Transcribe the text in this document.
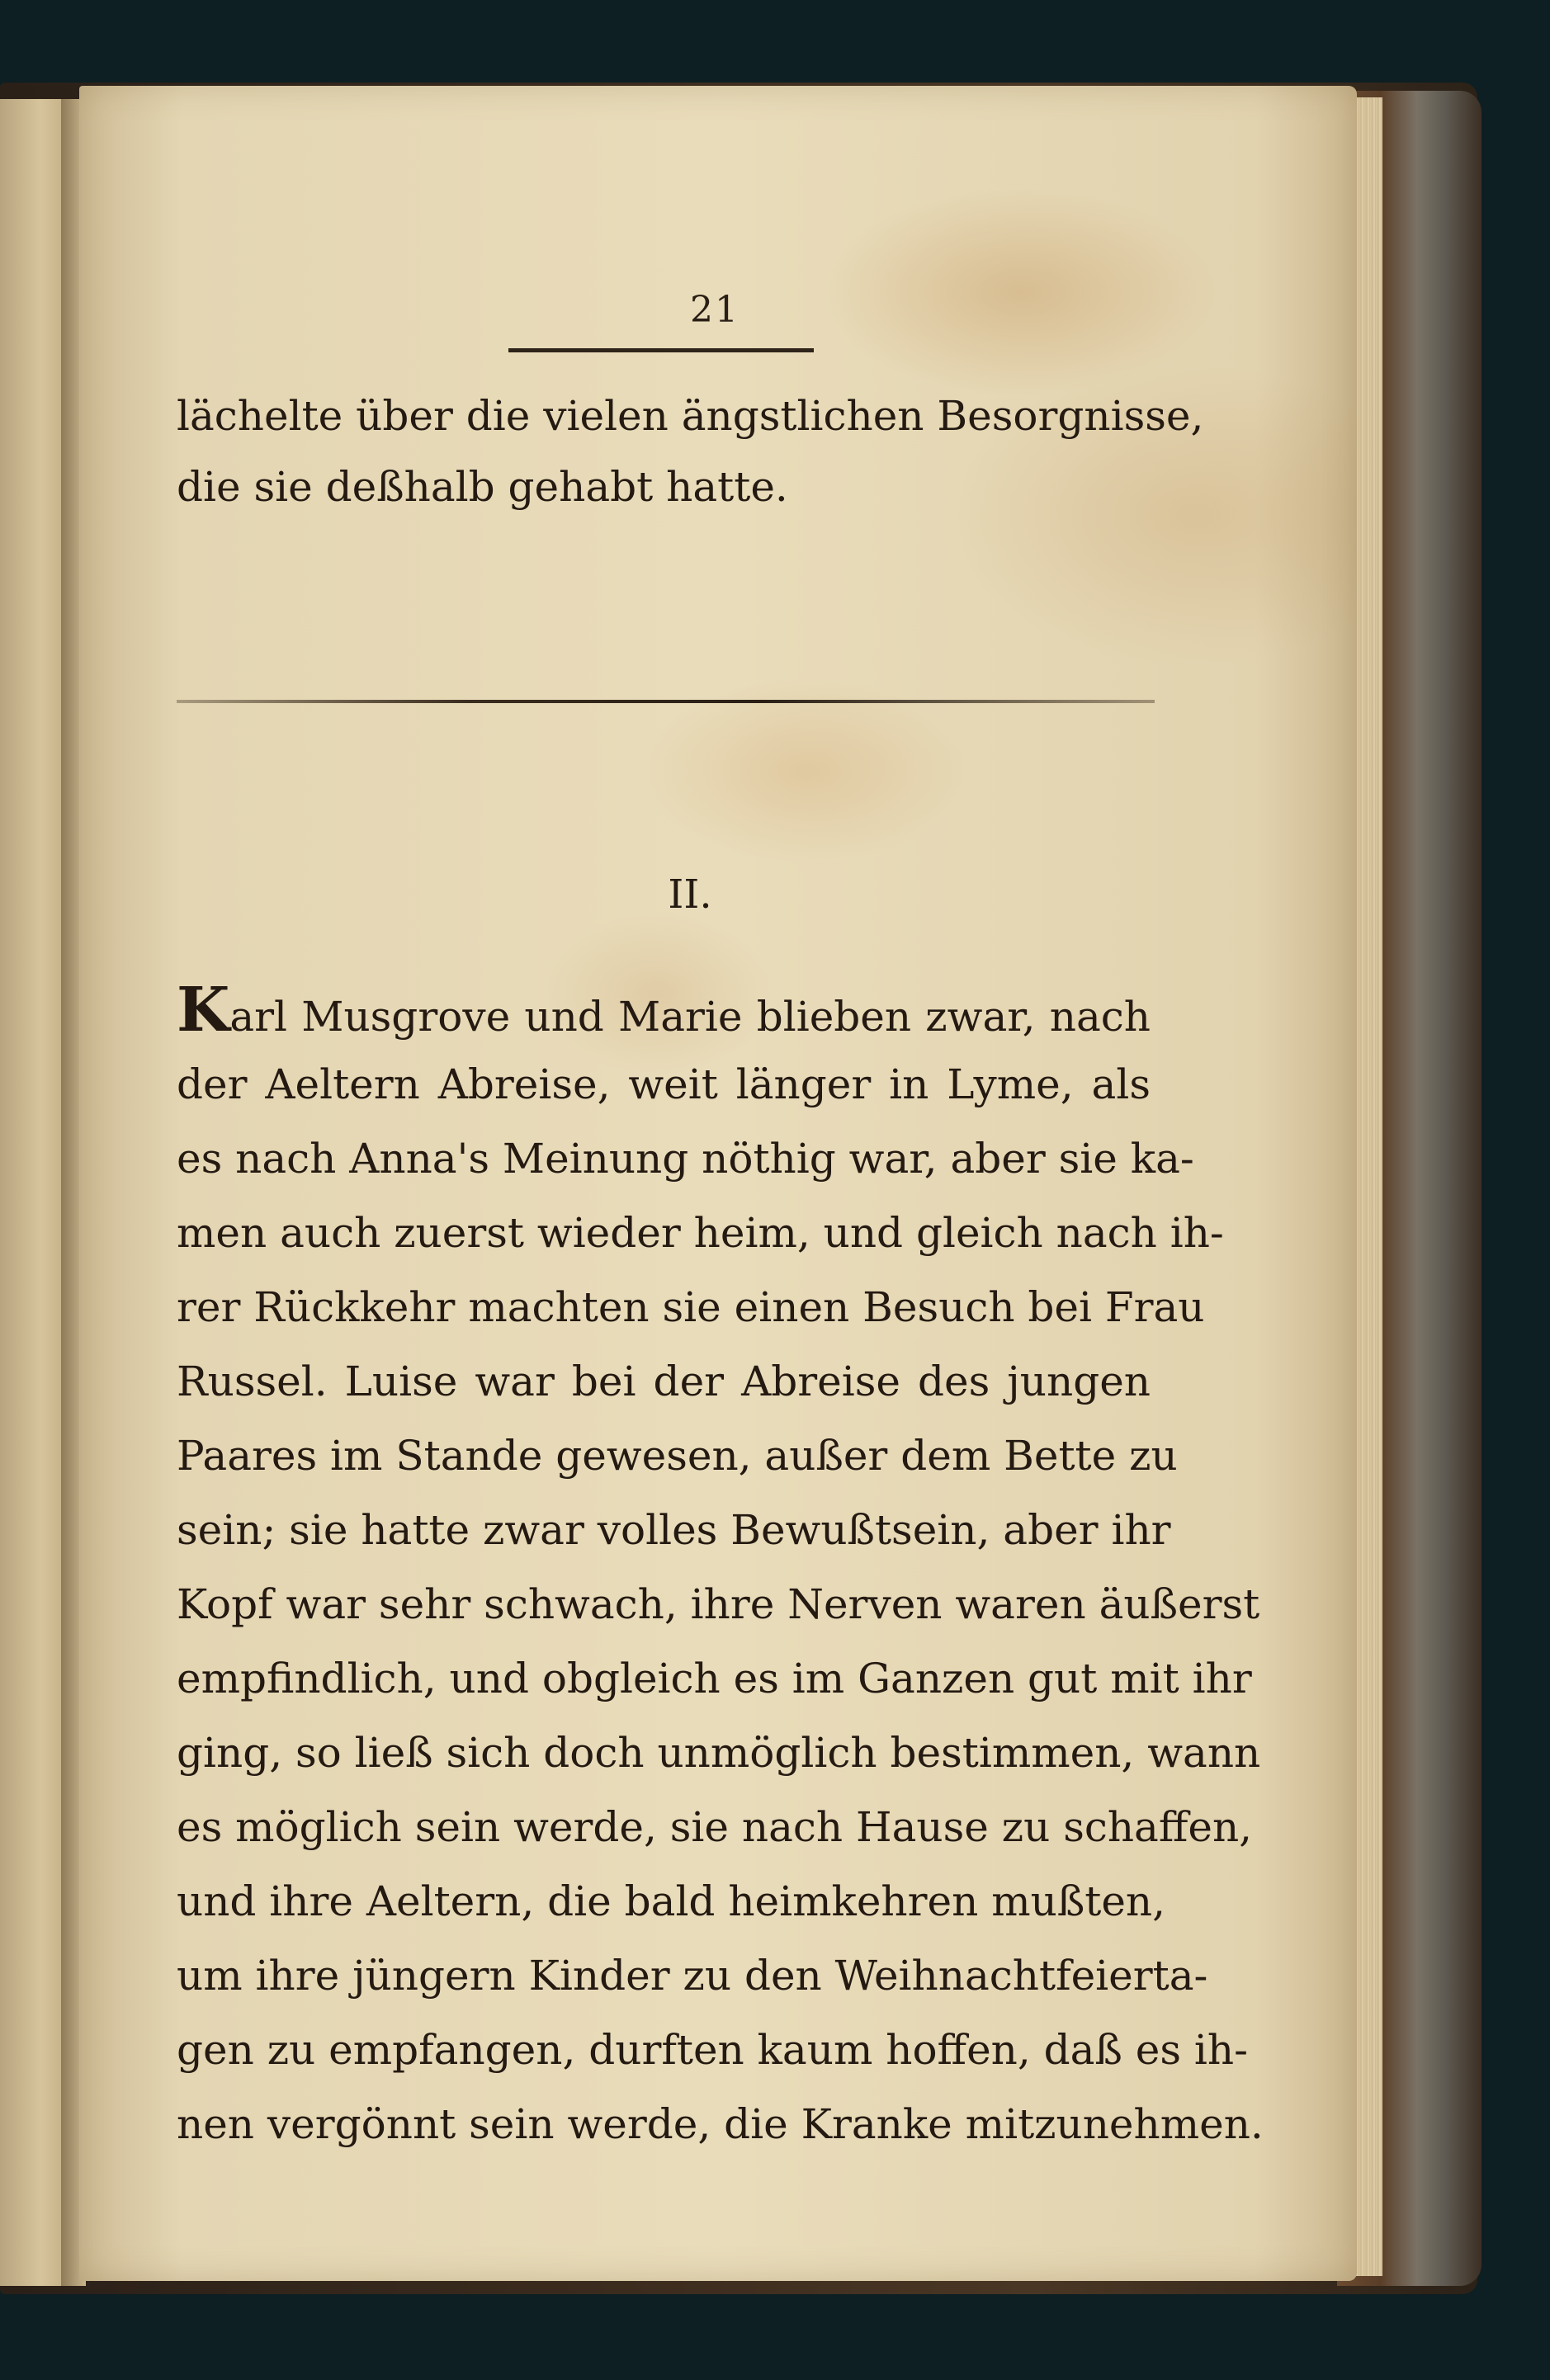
21
lächelte über die vielen ängstlichen Besorgnisse,
die sie deßhalb gehabt hatte.
II.
Karl Musgrove und Marie blieben zwar, nach
der Aeltern Abreise, weit länger in Lyme, als
es nach Anna's Meinung nöthig war, aber sie ka-
men auch zuerst wieder heim, und gleich nach ih-
rer Rückkehr machten sie einen Besuch bei Frau
Russel. Luise war bei der Abreise des jungen
Paares im Stande gewesen, außer dem Bette zu
sein; sie hatte zwar volles Bewußtsein, aber ihr
Kopf war sehr schwach, ihre Nerven waren äußerst
empfindlich, und obgleich es im Ganzen gut mit ihr
ging, so ließ sich doch unmöglich bestimmen, wann
es möglich sein werde, sie nach Hause zu schaffen,
und ihre Aeltern, die bald heimkehren mußten,
um ihre jüngern Kinder zu den Weihnachtfeierta-
gen zu empfangen, durften kaum hoffen, daß es ih-
nen vergönnt sein werde, die Kranke mitzunehmen.
